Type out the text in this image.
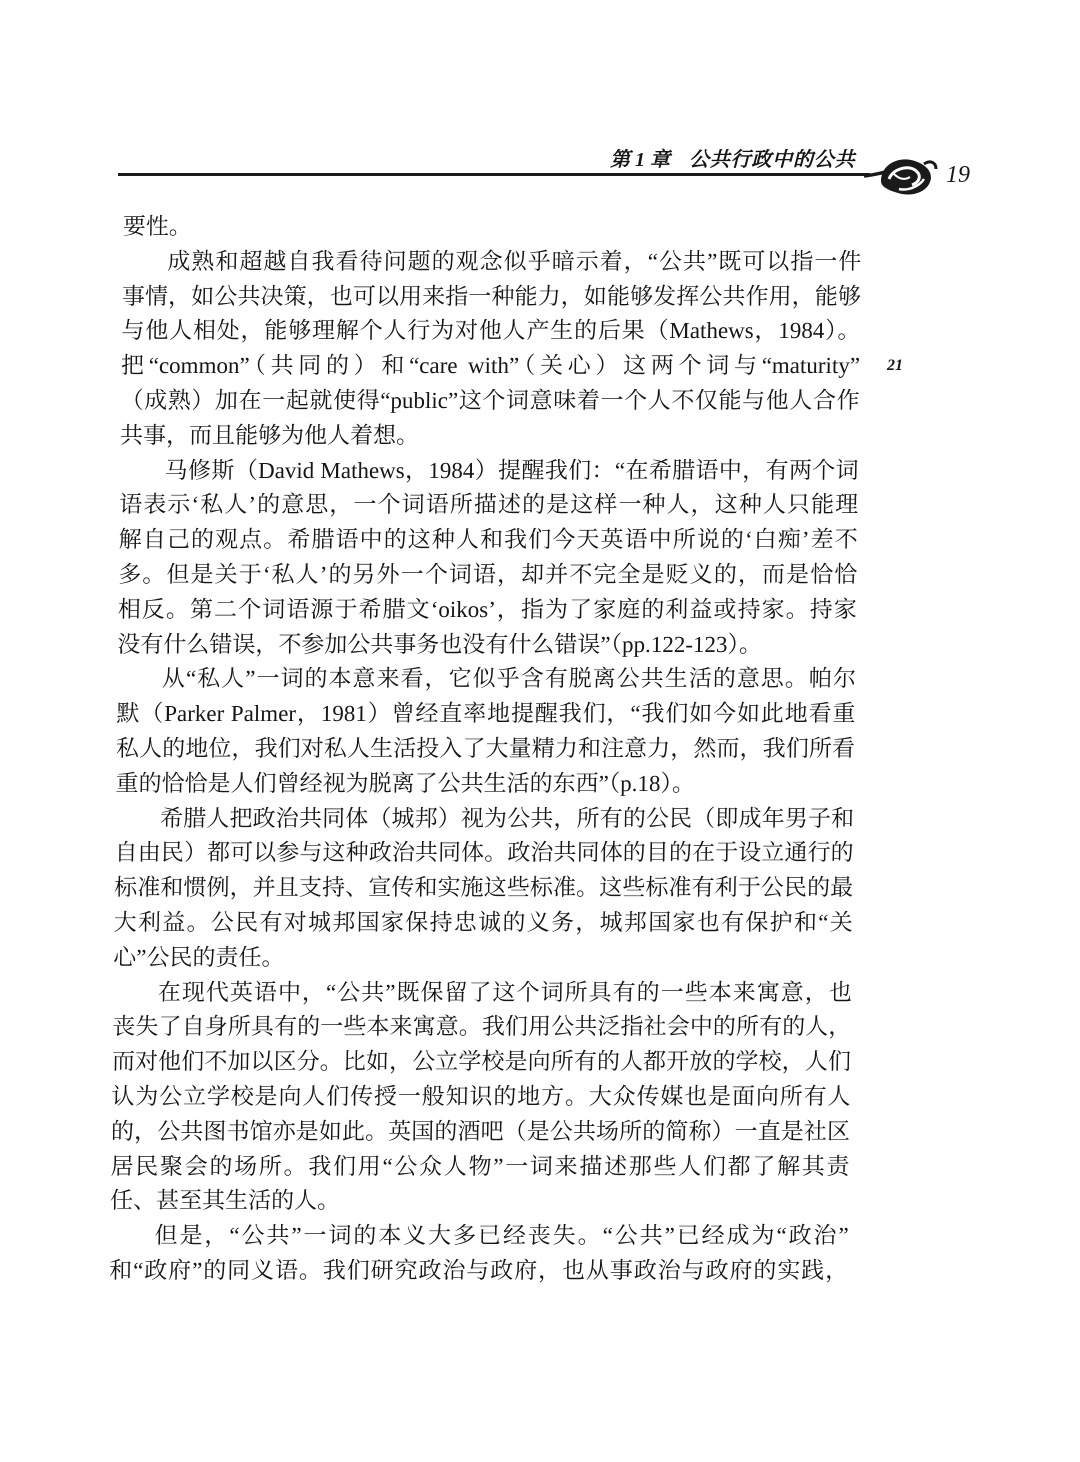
第 1 章 公共行政中的公共
19
21
要性。
成熟和超越自我看待问题的观念似乎暗示着，“公共”既可以指一件
事情，如公共决策，也可以用来指一种能力，如能够发挥公共作用，能够
与他人相处，能够理解个人行为对他人产生的后果（Mathews，1984）。
把“common”（共同的）和“care with”（关心）这两个词与“maturity”
（成熟）加在一起就使得“public”这个词意味着一个人不仅能与他人合作
共事，而且能够为他人着想。
马修斯（David Mathews，1984）提醒我们：“在希腊语中，有两个词
语表示‘私人’的意思，一个词语所描述的是这样一种人，这种人只能理
解自己的观点。希腊语中的这种人和我们今天英语中所说的‘白痴’差不
多。但是关于‘私人’的另外一个词语，却并不完全是贬义的，而是恰恰
相反。第二个词语源于希腊文‘oikos’，指为了家庭的利益或持家。持家
没有什么错误，不参加公共事务也没有什么错误”（pp.122-123）。
从“私人”一词的本意来看，它似乎含有脱离公共生活的意思。帕尔
默（Parker Palmer，1981）曾经直率地提醒我们，“我们如今如此地看重
私人的地位，我们对私人生活投入了大量精力和注意力，然而，我们所看
重的恰恰是人们曾经视为脱离了公共生活的东西”（p.18）。
希腊人把政治共同体（城邦）视为公共，所有的公民（即成年男子和
自由民）都可以参与这种政治共同体。政治共同体的目的在于设立通行的
标准和惯例，并且支持、宣传和实施这些标准。这些标准有利于公民的最
大利益。公民有对城邦国家保持忠诚的义务，城邦国家也有保护和“关
心”公民的责任。
在现代英语中，“公共”既保留了这个词所具有的一些本来寓意，也
丧失了自身所具有的一些本来寓意。我们用公共泛指社会中的所有的人，
而对他们不加以区分。比如，公立学校是向所有的人都开放的学校，人们
认为公立学校是向人们传授一般知识的地方。大众传媒也是面向所有人
的，公共图书馆亦是如此。英国的酒吧（是公共场所的简称）一直是社区
居民聚会的场所。我们用“公众人物”一词来描述那些人们都了解其责
任、甚至其生活的人。
但是，“公共”一词的本义大多已经丧失。“公共”已经成为“政治”
和“政府”的同义语。我们研究政治与政府，也从事政治与政府的实践，
